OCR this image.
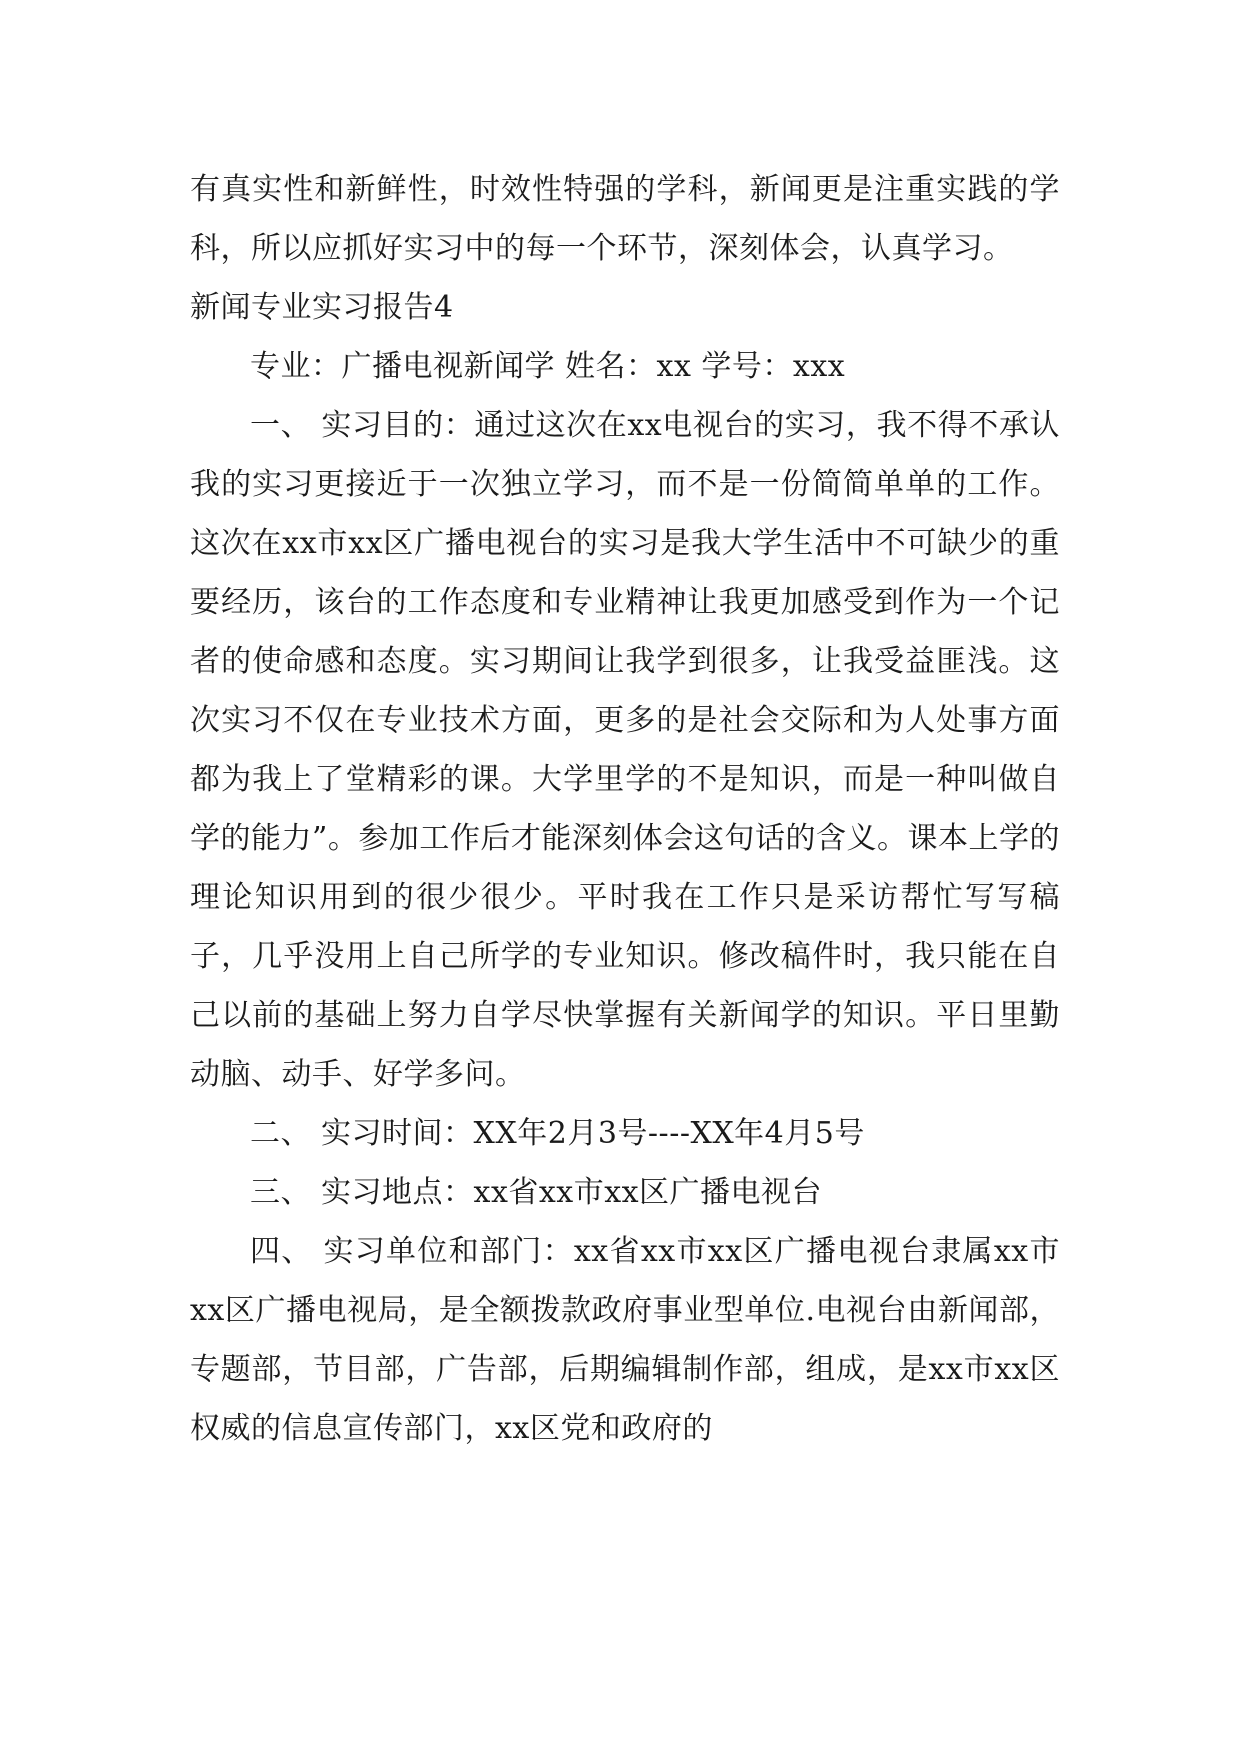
有真实性和新鲜性，时效性特强的学科，新闻更是注重实践的学科，所以应抓好实习中的每一个环节，深刻体会，认真学习。

新闻专业实习报告4

专业：广播电视新闻学 姓名：xx 学号：xxx

一、 实习目的：通过这次在xx电视台的实习，我不得不承认我的实习更接近于一次独立学习，而不是一份简简单单的工作。这次在xx市xx区广播电视台的实习是我大学生活中不可缺少的重要经历，该台的工作态度和专业精神让我更加感受到作为一个记者的使命感和态度。实习期间让我学到很多，让我受益匪浅。这次实习不仅在专业技术方面，更多的是社会交际和为人处事方面都为我上了堂精彩的课。大学里学的不是知识，而是一种叫做自学的能力”。参加工作后才能深刻体会这句话的含义。课本上学的理论知识用到的很少很少。平时我在工作只是采访帮忙写写稿子，几乎没用上自己所学的专业知识。修改稿件时，我只能在自己以前的基础上努力自学尽快掌握有关新闻学的知识。平日里勤动脑、动手、好学多问。

二、 实习时间：XX年2月3号----XX年4月5号

三、 实习地点：xx省xx市xx区广播电视台

四、 实习单位和部门：xx省xx市xx区广播电视台隶属xx市xx区广播电视局，是全额拨款政府事业型单位.电视台由新闻部，专题部，节目部，广告部，后期编辑制作部，组成，是xx市xx区权威的信息宣传部门，xx区党和政府的
